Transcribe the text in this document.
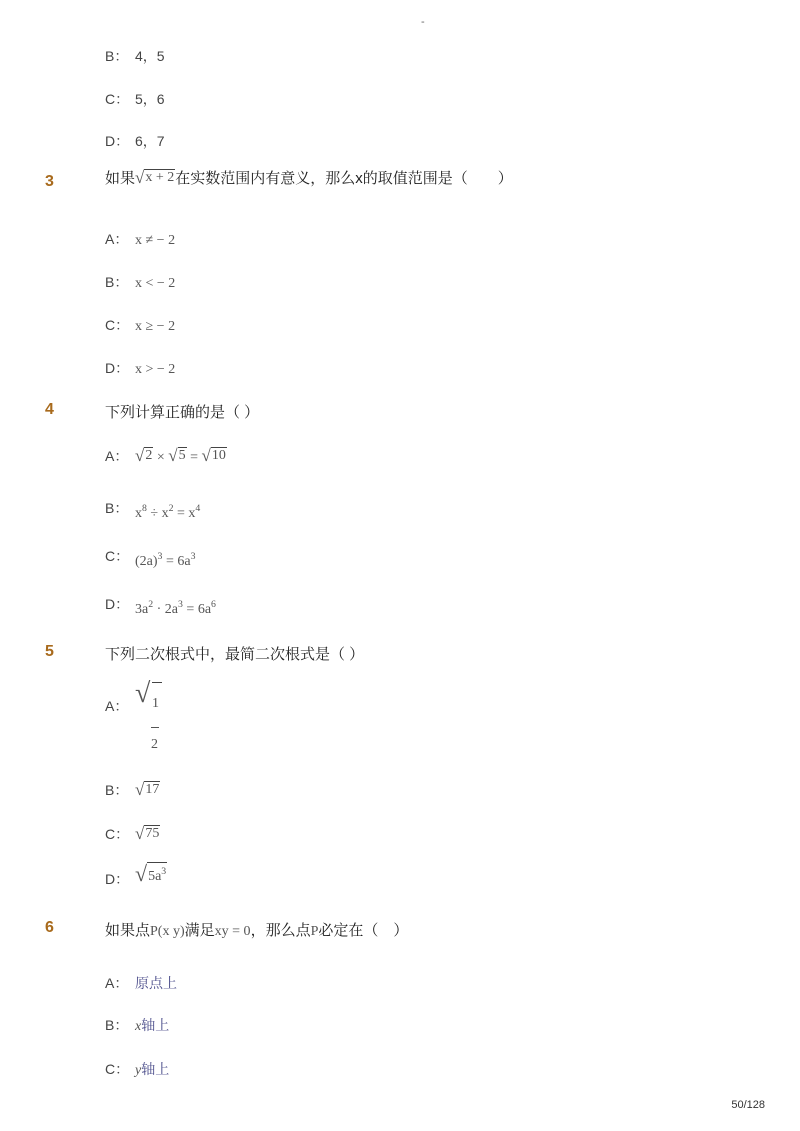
-
B： 4，5
C： 5，6
D： 6，7
3	如果 √ x + 2 在实数范围内有意义，那么x的取值范围是（　　）
A： x ≠ − 2
B： x < − 2
C： x ≥ − 2
D： x > − 2
4	下列计算正确的是（ ）
A： √ 2 × √ 5 = √ 10
B： $x^8 \div x^2 = x^4$
C： $(2a)^3 = 6a^3$
D： $3a^2 \cdot 2a^3 = 6a^6$
5	下列二次根式中，最简二次根式是（ ）
A： √ 1
2
B： √ 17
C： √ 75
D： √ $5a^3$
6	如果点P(x y)满足xy = 0，那么点P必定在（　）
A： 原点上
B： x轴上
C： y轴上
50/128
